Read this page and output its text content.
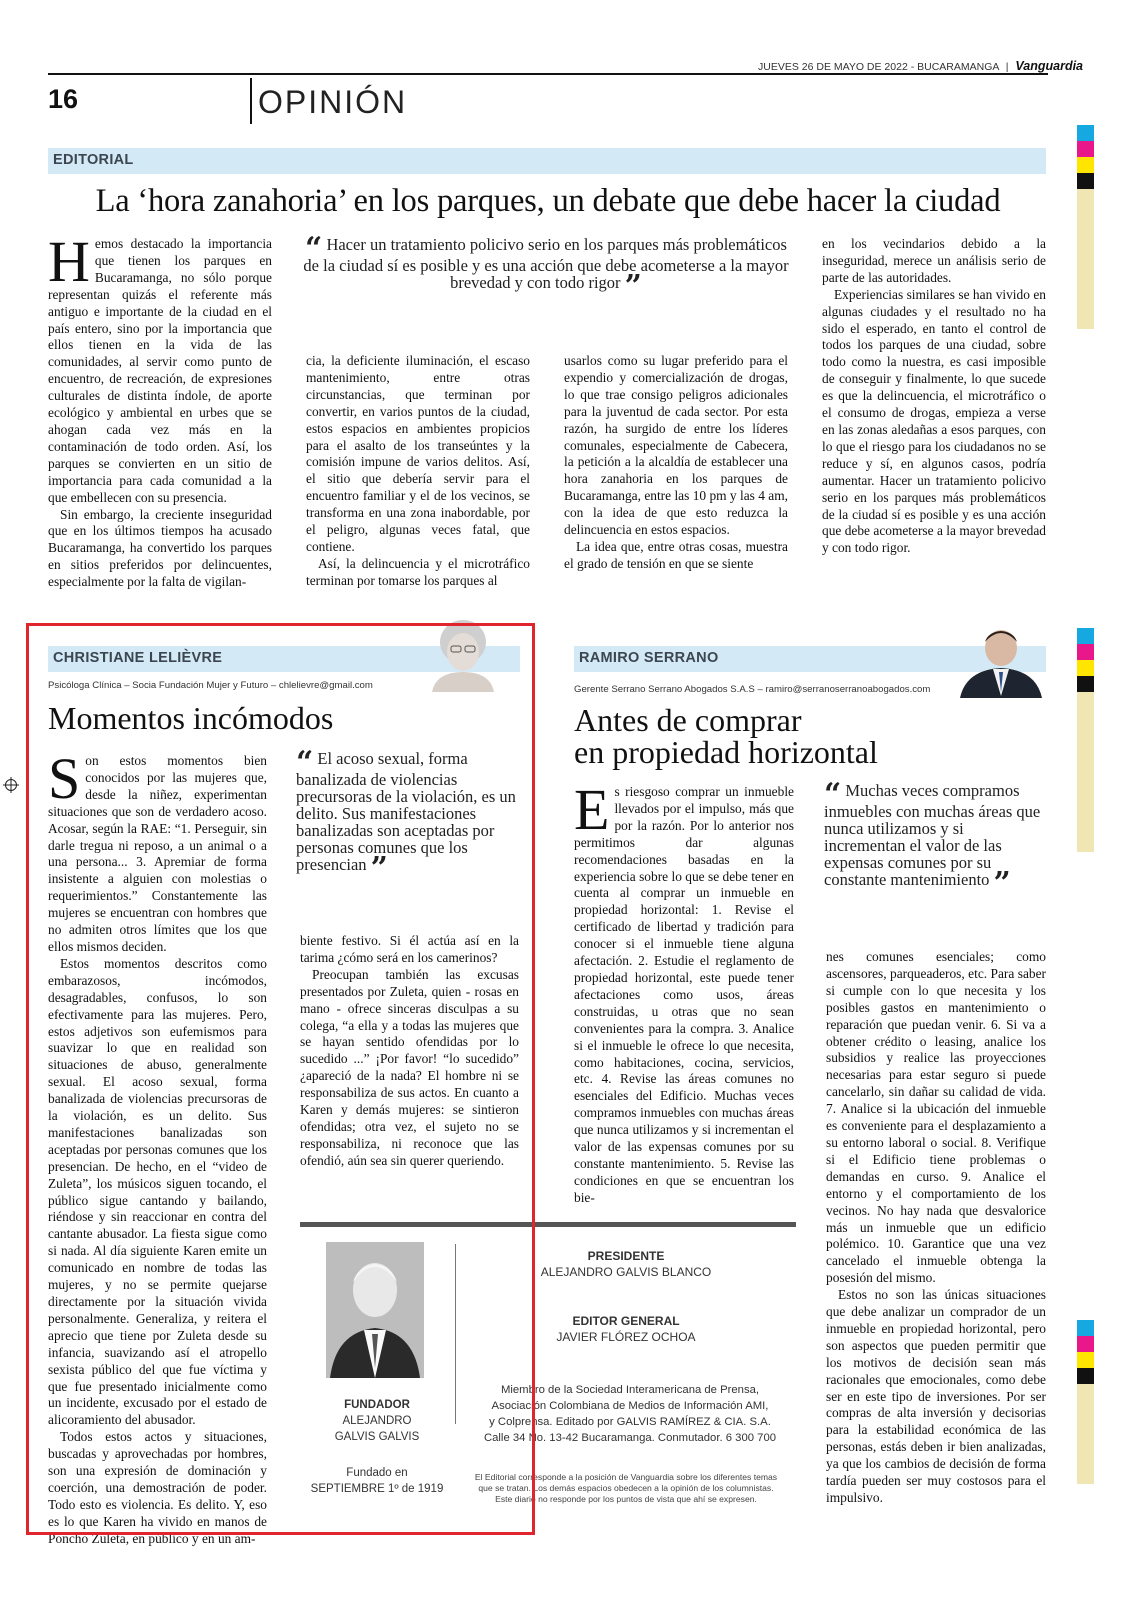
JUEVES 26 DE MAYO DE 2022 - BUCARAMANGA | Vanguardia
16	OPINIÓN
EDITORIAL
La ‘hora zanahoria’ en los parques, un debate que debe hacer la ciudad

Hemos destacado la importancia que tienen los parques en Bucaramanga, no sólo porque representan quizás el referente más antiguo e importante de la ciudad en el país entero, sino por la importancia que ellos tienen en la vida de las comunidades, al servir como punto de encuentro, de recreación, de expresiones culturales de distinta índole, de aporte ecológico y ambiental en urbes que se ahogan cada vez más en la contaminación de todo orden. Así, los parques se convierten en un sitio de importancia para cada comunidad a la que embellecen con su presencia.

Sin embargo, la creciente inseguridad que en los últimos tiempos ha acusado Bucaramanga, ha convertido los parques en sitios preferidos por delincuentes, especialmente por la falta de vigilan-

“ Hacer un tratamiento policivo serio en los parques más problemáticos de la ciudad sí es posible y es una acción que debe acometerse a la mayor brevedad y con todo rigor ”

cia, la deficiente iluminación, el escaso mantenimiento, entre otras circunstancias, que terminan por convertir, en varios puntos de la ciudad, estos espacios en ambientes propicios para el asalto de los transeúntes y la comisión impune de varios delitos. Así, el sitio que debería servir para el encuentro familiar y el de los vecinos, se transforma en una zona inabordable, por el peligro, algunas veces fatal, que contiene.

Así, la delincuencia y el microtráfico terminan por tomarse los parques al

usarlos como su lugar preferido para el expendio y comercialización de drogas, lo que trae consigo peligros adicionales para la juventud de cada sector. Por esta razón, ha surgido de entre los líderes comunales, especialmente de Cabecera, la petición a la alcaldía de establecer una hora zanahoria en los parques de Bucaramanga, entre las 10 pm y las 4 am, con la idea de que esto reduzca la delincuencia en estos espacios.

La idea que, entre otras cosas, muestra el grado de tensión en que se siente

en los vecindarios debido a la inseguridad, merece un análisis serio de parte de las autoridades.

Experiencias similares se han vivido en algunas ciudades y el resultado no ha sido el esperado, en tanto el control de todos los parques de una ciudad, sobre todo como la nuestra, es casi imposible de conseguir y finalmente, lo que sucede es que la delincuencia, el microtráfico o el consumo de drogas, empieza a verse en las zonas aledañas a esos parques, con lo que el riesgo para los ciudadanos no se reduce y sí, en algunos casos, podría aumentar. Hacer un tratamiento policivo serio en los parques más problemáticos de la ciudad sí es posible y es una acción que debe acometerse a la mayor brevedad y con todo rigor.

CHRISTIANE LELIÈVRE
Psicóloga Clínica – Socia Fundación Mujer y Futuro – chlelievre@gmail.com
Momentos incómodos

Son estos momentos bien conocidos por las mujeres que, desde la niñez, experimentan situaciones que son de verdadero acoso. Acosar, según la RAE: “1. Perseguir, sin darle tregua ni reposo, a un animal o a una persona... 3. Apremiar de forma insistente a alguien con molestias o requerimientos.” Constantemente las mujeres se encuentran con hombres que no admiten otros límites que los que ellos mismos deciden.

Estos momentos descritos como embarazosos, incómodos, desagradables, confusos, lo son efectivamente para las mujeres. Pero, estos adjetivos son eufemismos para suavizar lo que en realidad son situaciones de abuso, generalmente sexual. El acoso sexual, forma banalizada de violencias precursoras de la violación, es un delito. Sus manifestaciones banalizadas son aceptadas por personas comunes que los presencian. De hecho, en el “video de Zuleta”, los músicos siguen tocando, el público sigue cantando y bailando, riéndose y sin reaccionar en contra del cantante abusador. La fiesta sigue como si nada. Al día siguiente Karen emite un comunicado en nombre de todas las mujeres, y no se permite quejarse directamente por la situación vivida personalmente. Generaliza, y reitera el aprecio que tiene por Zuleta desde su infancia, suavizando así el atropello sexista público del que fue víctima y que fue presentado inicialmente como un incidente, excusado por el estado de alicoramiento del abusador.

Todos estos actos y situaciones, buscadas y aprovechadas por hombres, son una expresión de dominación y coerción, una demostración de poder. Todo esto es violencia. Es delito. Y, eso es lo que Karen ha vivido en manos de Poncho Zuleta, en público y en un am-

“ El acoso sexual, forma banalizada de violencias precursoras de la violación, es un delito. Sus manifestaciones banalizadas son aceptadas por personas comunes que los presencian ”

biente festivo. Si él actúa así en la tarima ¿cómo será en los camerinos?

Preocupan también las excusas presentados por Zuleta, quien - rosas en mano - ofrece sinceras disculpas a su colega, “a ella y a todas las mujeres que se hayan sentido ofendidas por lo sucedido ...” ¡Por favor! “lo sucedido” ¿apareció de la nada? El hombre ni se responsabiliza de sus actos. En cuanto a Karen y demás mujeres: se sintieron ofendidas; otra vez, el sujeto no se responsabiliza, ni reconoce que las ofendió, aún sea sin querer queriendo.

FUNDADOR
ALEJANDRO
GALVIS GALVIS
Fundado en
SEPTIEMBRE 1º de 1919
PRESIDENTE
ALEJANDRO GALVIS BLANCO
EDITOR GENERAL
JAVIER FLÓREZ OCHOA
Miembro de la Sociedad Interamericana de Prensa,
Asociación Colombiana de Medios de Información AMI,
y Colprensa. Editado por GALVIS RAMÍREZ & CIA. S.A.
Calle 34 No. 13-42 Bucaramanga. Conmutador. 6 300 700
El Editorial corresponde a la posición de Vanguardia sobre los diferentes temas
que se tratan. Los demás espacios obedecen a la opinión de los columnistas.
Este diario no responde por los puntos de vista que ahí se expresen.
RAMIRO SERRANO
Gerente Serrano Serrano Abogados S.A.S – ramiro@serranoserranoabogados.com
Antes de comprar
en propiedad horizontal

Es riesgoso comprar un inmueble llevados por el impulso, más que por la razón. Por lo anterior nos permitimos dar algunas recomendaciones basadas en la experiencia sobre lo que se debe tener en cuenta al comprar un inmueble en propiedad horizontal: 1. Revise el certificado de libertad y tradición para conocer si el inmueble tiene alguna afectación. 2. Estudie el reglamento de propiedad horizontal, este puede tener afectaciones como usos, áreas construidas, u otras que no sean convenientes para la compra. 3. Analice si el inmueble le ofrece lo que necesita, como habitaciones, cocina, servicios, etc. 4. Revise las áreas comunes no esenciales del Edificio. Muchas veces compramos inmuebles con muchas áreas que nunca utilizamos y si incrementan el valor de las expensas comunes por su constante mantenimiento. 5. Revise las condiciones en que se encuentran los bie-

“ Muchas veces compramos inmuebles con muchas áreas que nunca utilizamos y si incrementan el valor de las expensas comunes por su constante mantenimiento ”

nes comunes esenciales; como ascensores, parqueaderos, etc. Para saber si cumple con lo que necesita y los posibles gastos en mantenimiento o reparación que puedan venir. 6. Si va a obtener crédito o leasing, analice los subsidios y realice las proyecciones necesarias para estar seguro si puede cancelarlo, sin dañar su calidad de vida. 7. Analice si la ubicación del inmueble es conveniente para el desplazamiento a su entorno laboral o social. 8. Verifique si el Edificio tiene problemas o demandas en curso. 9. Analice el entorno y el comportamiento de los vecinos. No hay nada que desvalorice más un inmueble que un edificio polémico. 10. Garantice que una vez cancelado el inmueble obtenga la posesión del mismo.

Estos no son las únicas situaciones que debe analizar un comprador de un inmueble en propiedad horizontal, pero son aspectos que pueden permitir que los motivos de decisión sean más racionales que emocionales, como debe ser en este tipo de inversiones. Por ser compras de alta inversión y decisorias para la estabilidad económica de las personas, estás deben ir bien analizadas, ya que los cambios de decisión de forma tardía pueden ser muy costosos para el impulsivo.
